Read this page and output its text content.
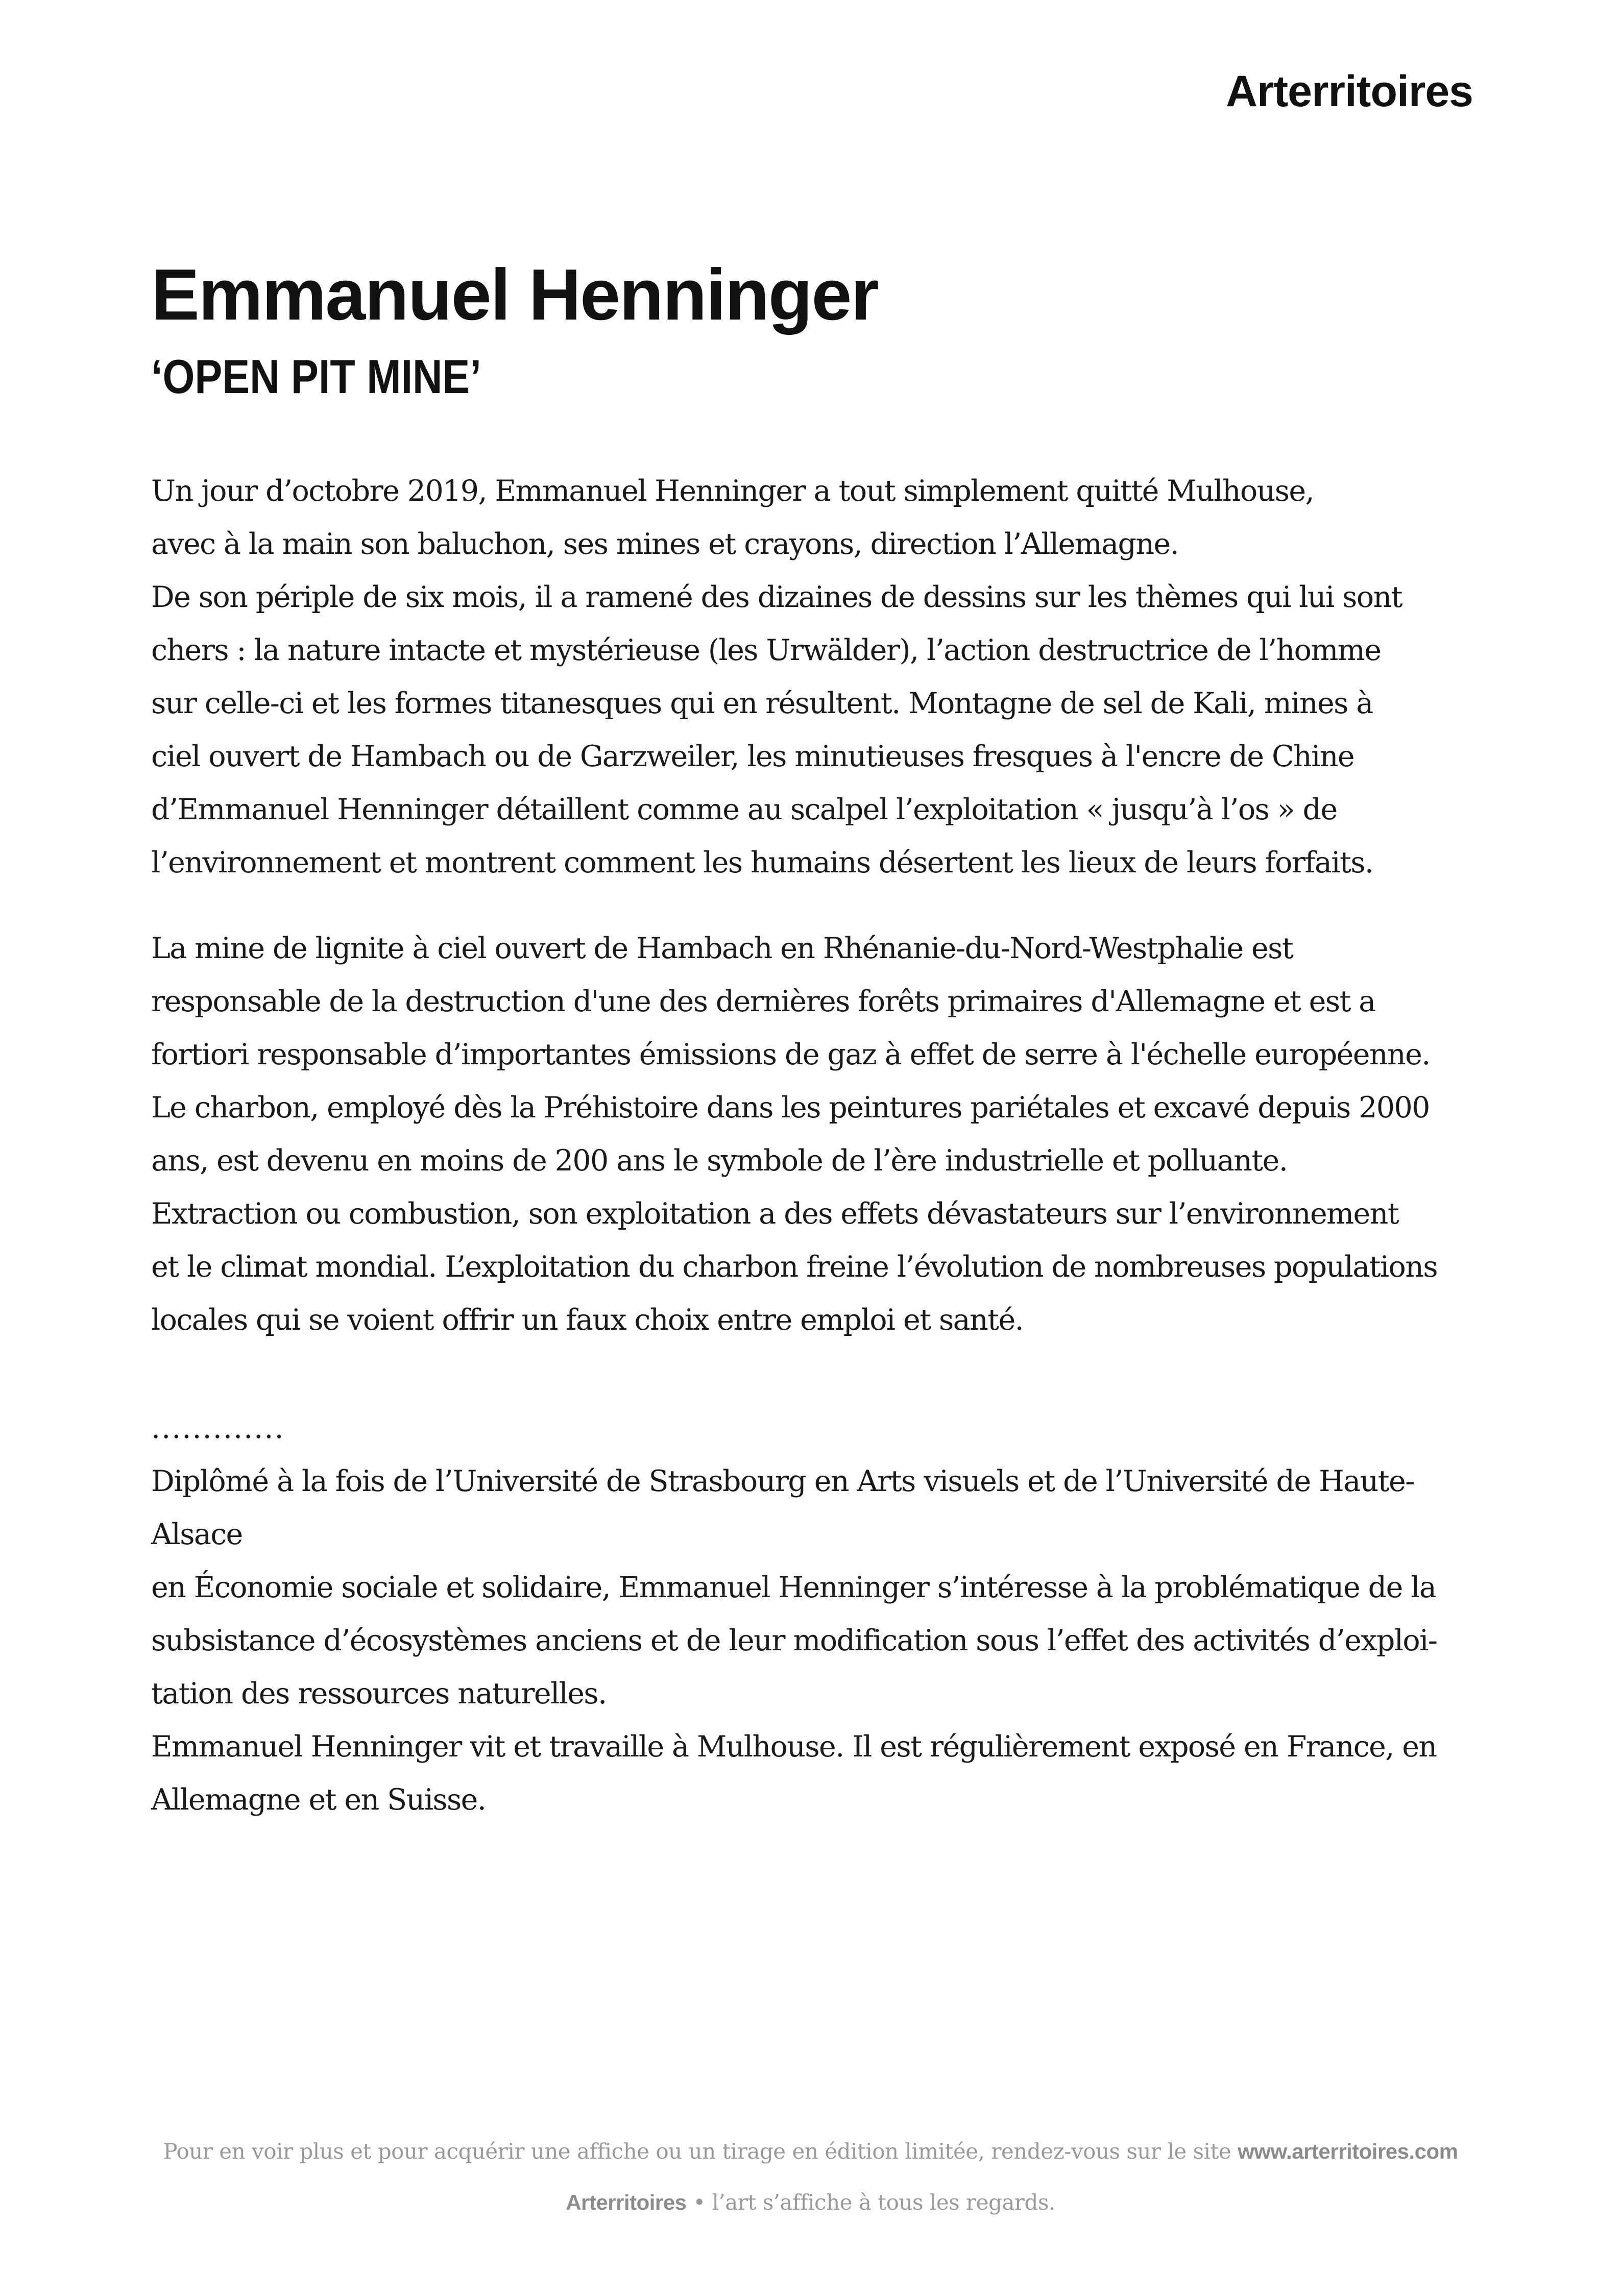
Arterritoires
Emmanuel Henninger
‘OPEN PIT MINE’

Un jour d’octobre 2019, Emmanuel Henninger a tout simplement quitté Mulhouse,
avec à la main son baluchon, ses mines et crayons, direction l’Allemagne.
De son périple de six mois, il a ramené des dizaines de dessins sur les thèmes qui lui sont
chers : la nature intacte et mystérieuse (les Urwälder), l’action destructrice de l’homme
sur celle-ci et les formes titanesques qui en résultent. Montagne de sel de Kali, mines à
ciel ouvert de Hambach ou de Garzweiler, les minutieuses fresques à l'encre de Chine
d’Emmanuel Henninger détaillent comme au scalpel l’exploitation « jusqu’à l’os » de
l’environnement et montrent comment les humains désertent les lieux de leurs forfaits.

La mine de lignite à ciel ouvert de Hambach en Rhénanie-du-Nord-Westphalie est
responsable de la destruction d'une des dernières forêts primaires d'Allemagne et est a
fortiori responsable d’importantes émissions de gaz à effet de serre à l'échelle européenne.
Le charbon, employé dès la Préhistoire dans les peintures pariétales et excavé depuis 2000
ans, est devenu en moins de 200 ans le symbole de l’ère industrielle et polluante.
Extraction ou combustion, son exploitation a des effets dévastateurs sur l’environnement
et le climat mondial. L’exploitation du charbon freine l’évolution de nombreuses populations
locales qui se voient offrir un faux choix entre emploi et santé.

.............

Diplômé à la fois de l’Université de Strasbourg en Arts visuels et de l’Université de Haute-Alsace
en Économie sociale et solidaire, Emmanuel Henninger s’intéresse à la problématique de la
subsistance d’écosystèmes anciens et de leur modification sous l’effet des activités d’exploi-
tation des ressources naturelles.
Emmanuel Henninger vit et travaille à Mulhouse. Il est régulièrement exposé en France, en
Allemagne et en Suisse.

Pour en voir plus et pour acquérir une affiche ou un tirage en édition limitée, rendez-vous sur le site www.arterritoires.com
Arterritoires • l’art s’affiche à tous les regards.
